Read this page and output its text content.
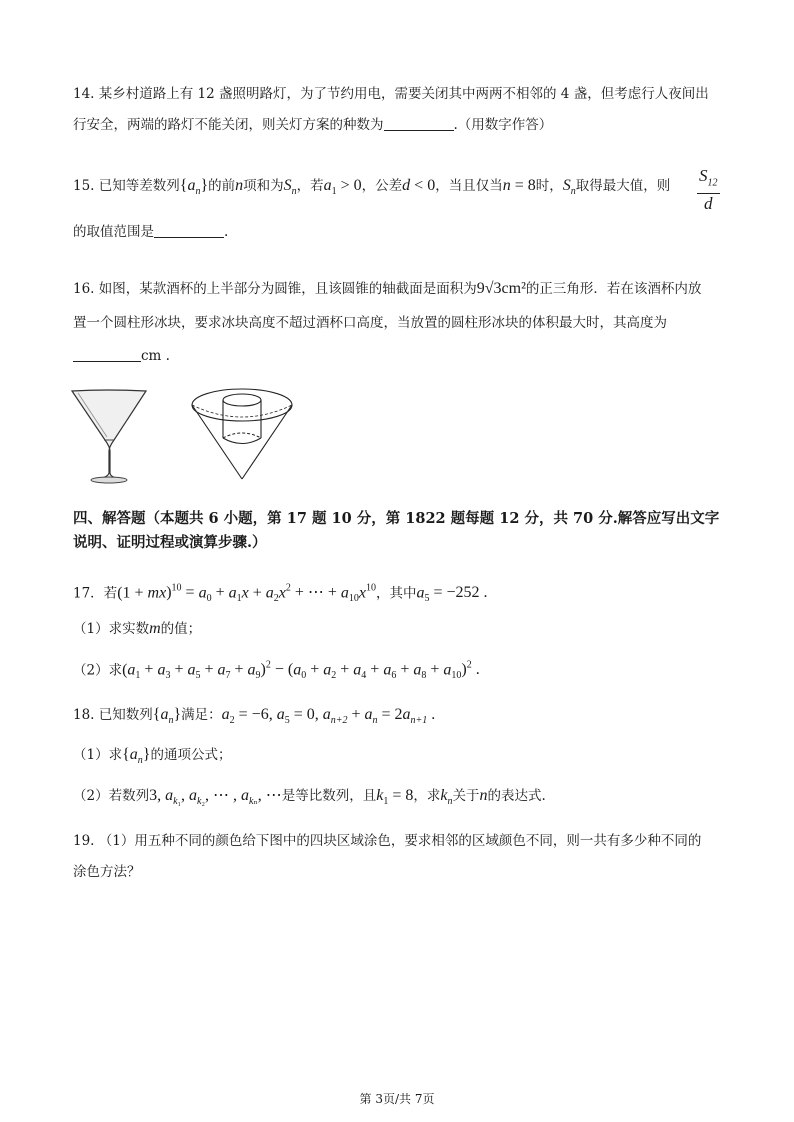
14. 某乡村道路上有 12 盏照明路灯，为了节约用电，需要关闭其中两两不相邻的 4 盏，但考虑行人夜间出
行安全，两端的路灯不能关闭，则关灯方案的种数为	.（用数字作答）
15. 已知等差数列$\{a_n\}$的前n项和为$S_n$，若$a_1 > 0$，公差d < 0，当且仅当n = 8时，$S_n$取得最大值，则 $\frac{S_{12}}{d}$
的取值范围是	.
16. 如图，某款酒杯的上半部分为圆锥，且该圆锥的轴截面是面积为9√3cm²的正三角形．若在该酒杯内放
置一个圆柱形冰块，要求冰块高度不超过酒杯口高度，当放置的圆柱形冰块的体积最大时，其高度为
cm .
四、解答题（本题共 6 小题，第 17 题 10 分，第 1822 题每题 12 分，共 70 分.解答应写出文字
说明、证明过程或演算步骤.）
17．若$(1 + mx)^{10} = a_0 + a_1x + a_2x^2$ + ⋯ + $a_{10}x^{10}$，其中$a_5 = -252$ .
（1）求实数m的值；
（2）求$(a_1 + a_3 + a_5 + a_7 + a_9)^2 - (a_0 + a_2 + a_4 + a_6 + a_8 + a_{10})^2$ .
18. 已知数列$\{a_n\}$满足：$a_2 = -6$, $a_5 = 0$, $a_{n+2} + a_n = 2a_{n+1}$ .
（1）求$\{a_n\}$的通项公式；
（2）若数列3, $a_{k_1}$, $a_{k_2}$, ⋯ , $a_{k_n}$, ⋯是等比数列，且$k_1 = 8$，求$k_n$关于n的表达式.
19. （1）用五种不同的颜色给下图中的四块区域涂色，要求相邻的区域颜色不同，则一共有多少种不同的
涂色方法？
第 3页/共 7页
